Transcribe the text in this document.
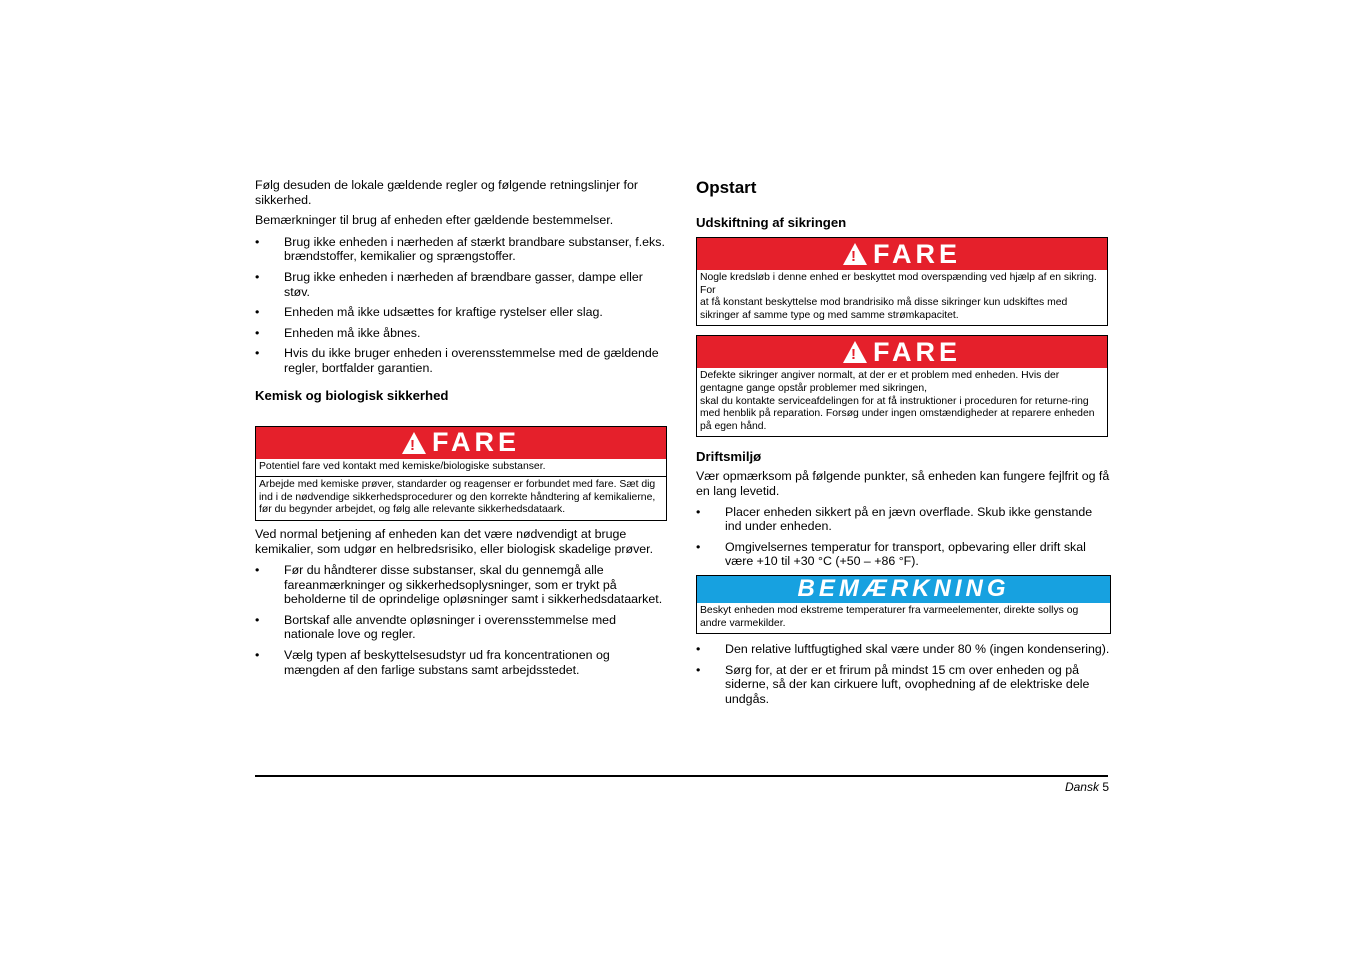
Følg desuden de lokale gældende regler og følgende retningslinjer for sikkerhed.

Bemærkninger til brug af enheden efter gældende bestemmelser.

• Brug ikke enheden i nærheden af stærkt brandbare substanser, f.eks. brændstoffer, kemikalier og sprængstoffer.
• Brug ikke enheden i nærheden af brændbare gasser, dampe eller støv.
• Enheden må ikke udsættes for kraftige rystelser eller slag.
• Enheden må ikke åbnes.
• Hvis du ikke bruger enheden i overensstemmelse med de gældende regler, bortfalder garantien.
Kemisk og biologisk sikkerhed
!
FARE
Potentiel fare ved kontakt med kemiske/biologiske substanser.
Arbejde med kemiske prøver, standarder og reagenser er forbundet med fare. Sæt dig ind i de nødvendige sikkerhedsprocedurer og den korrekte håndtering af kemikalierne, før du begynder arbejdet, og følg alle relevante sikkerhedsdataark.

Ved normal betjening af enheden kan det være nødvendigt at bruge kemikalier, som udgør en helbredsrisiko, eller biologisk skadelige prøver.

• Før du håndterer disse substanser, skal du gennemgå alle fareanmærkninger og sikkerhedsoplysninger, som er trykt på beholderne til de oprindelige opløsninger samt i sikkerhedsdataarket.
• Bortskaf alle anvendte opløsninger i overensstemmelse med nationale love og regler.
• Vælg typen af beskyttelsesudstyr ud fra koncentrationen og mængden af den farlige substans samt arbejdsstedet.
Opstart
Udskiftning af sikringen
!
FARE
Nogle kredsløb i denne enhed er beskyttet mod overspænding ved hjælp af en sikring. For
at få konstant beskyttelse mod brandrisiko må disse sikringer kun udskiftes med sikringer af samme type og med samme strømkapacitet.
!
FARE
Defekte sikringer angiver normalt, at der er et problem med enheden. Hvis der gentagne gange opstår problemer med sikringen,
skal du kontakte serviceafdelingen for at få instruktioner i proceduren for returne-ring med henblik på reparation. Forsøg under ingen omstændigheder at reparere enheden på egen hånd.
Driftsmiljø

Vær opmærksom på følgende punkter, så enheden kan fungere fejlfrit og få en lang levetid.

• Placer enheden sikkert på en jævn overflade. Skub ikke genstande ind under enheden.
• Omgivelsernes temperatur for transport, opbevaring eller drift skal være +10 til +30 °C (+50 – +86 °F).
BEMÆRKNING
Beskyt enheden mod ekstreme temperaturer fra varmeelementer, direkte sollys og andre varmekilder.
• Den relative luftfugtighed skal være under 80 % (ingen kondensering).
• Sørg for, at der er et frirum på mindst 15 cm over enheden og på siderne, så der kan cirkuere luft, ovophedning af de elektriske dele undgås.
Dansk 5
